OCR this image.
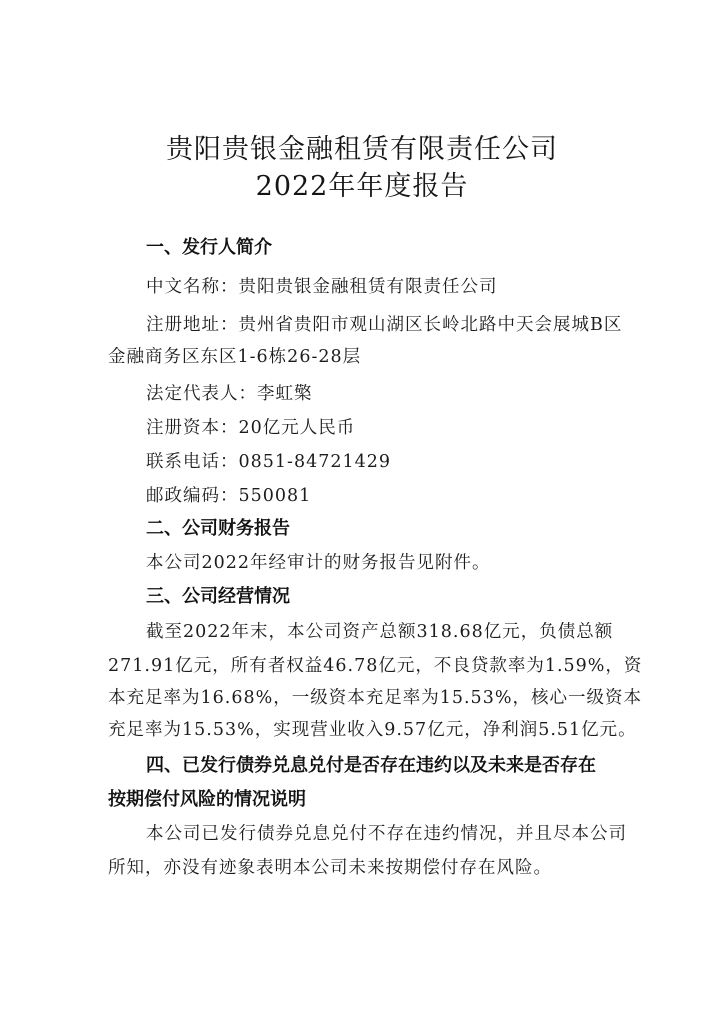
贵阳贵银金融租赁有限责任公司
2022年年度报告
一、发行人简介
中文名称：贵阳贵银金融租赁有限责任公司
注册地址：贵州省贵阳市观山湖区长岭北路中天会展城B区
金融商务区东区1-6栋26-28层
法定代表人：李虹檠
注册资本：20亿元人民币
联系电话：0851-84721429
邮政编码：550081
二、公司财务报告
本公司2022年经审计的财务报告见附件。
三、公司经营情况
截至2022年末，本公司资产总额318.68亿元，负债总额
271.91亿元，所有者权益46.78亿元，不良贷款率为1.59%，资
本充足率为16.68%，一级资本充足率为15.53%，核心一级资本
充足率为15.53%，实现营业收入9.57亿元，净利润5.51亿元。
四、已发行债券兑息兑付是否存在违约以及未来是否存在
按期偿付风险的情况说明
本公司已发行债券兑息兑付不存在违约情况，并且尽本公司
所知，亦没有迹象表明本公司未来按期偿付存在风险。
